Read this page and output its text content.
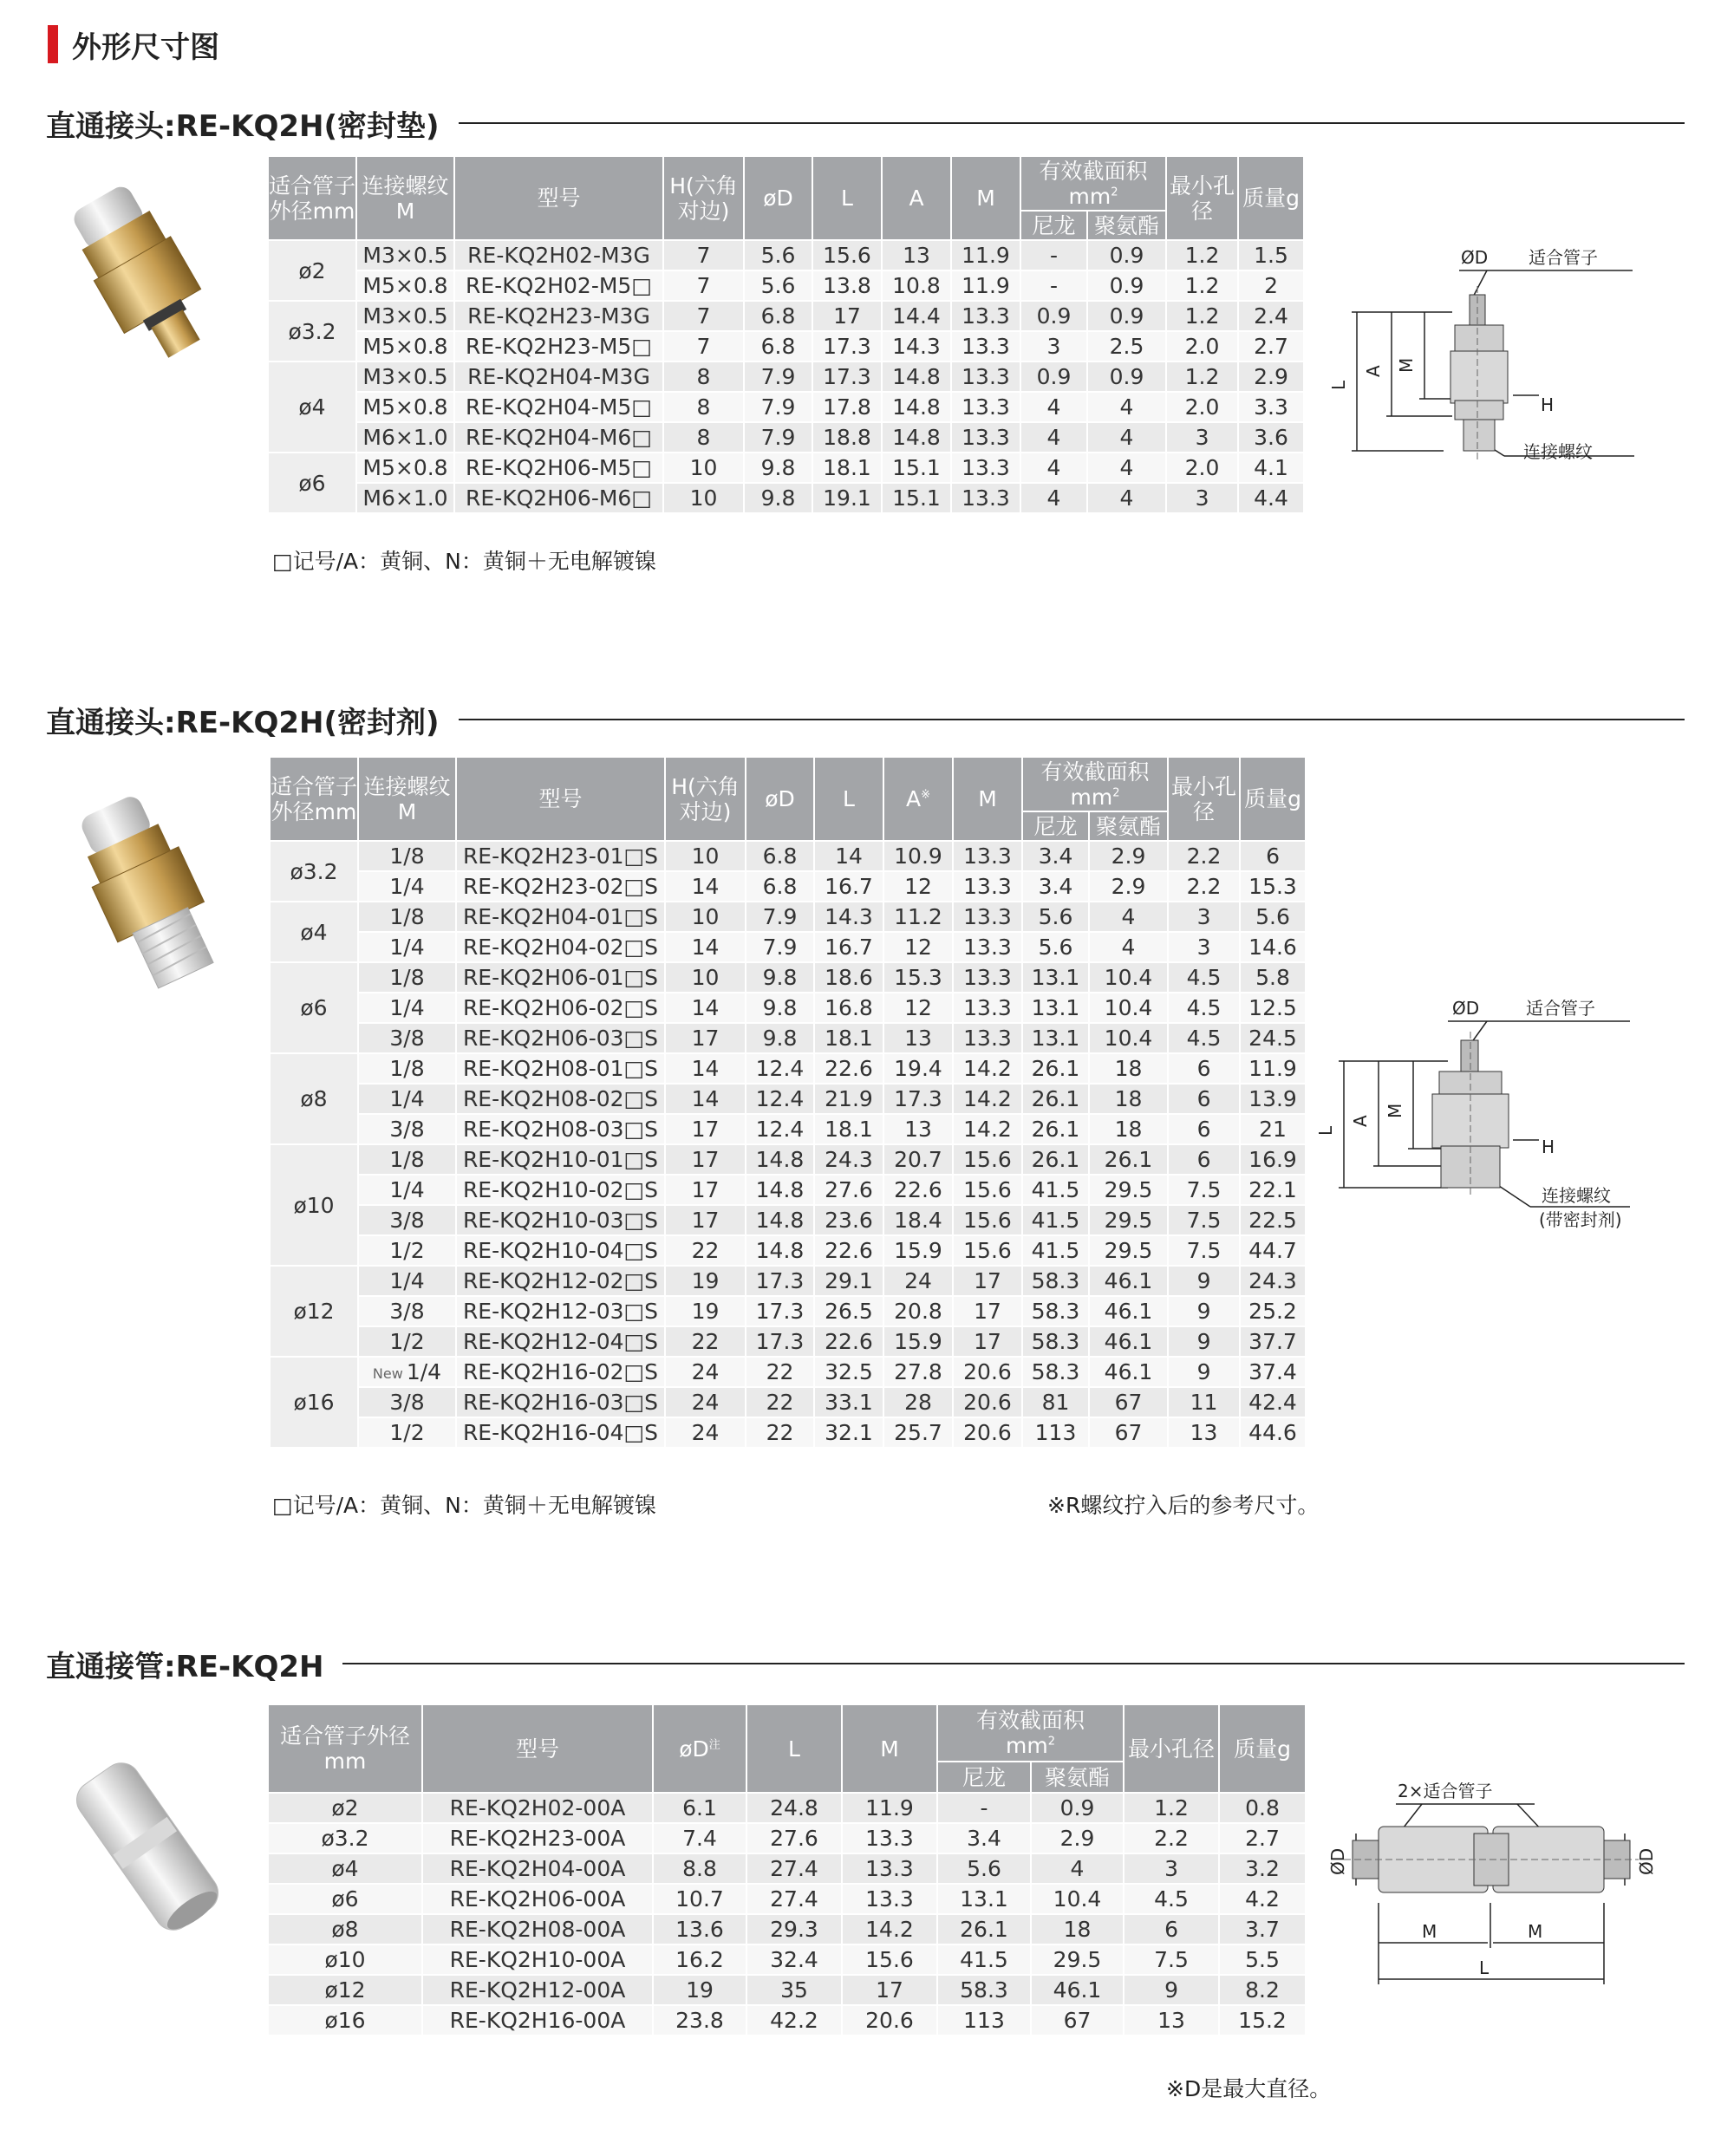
外形尺寸图
直通接头:RE-KQ2H(密封垫)
适合管子外径mm	连接螺纹M	型号	H(六角对边)	øD	L	A	M	有效截面积
$mm^2$		最小孔径	质量g
								尼龙	聚氨酯		
ø2	M3×0.5	RE-KQ2H02-M3G	7	5.6	15.6	13	11.9	-	0.9	1.2	1.5
	M5×0.8	RE-KQ2H02-M5□	7	5.6	13.8	10.8	11.9	-	0.9	1.2	2
ø3.2	M3×0.5	RE-KQ2H23-M3G	7	6.8	17	14.4	13.3	0.9	0.9	1.2	2.4
	M5×0.8	RE-KQ2H23-M5□	7	6.8	17.3	14.3	13.3	3	2.5	2.0	2.7
ø4	M3×0.5	RE-KQ2H04-M3G	8	7.9	17.3	14.8	13.3	0.9	0.9	1.2	2.9
	M5×0.8	RE-KQ2H04-M5□	8	7.9	17.8	14.8	13.3	4	4	2.0	3.3
	M6×1.0	RE-KQ2H04-M6□	8	7.9	18.8	14.8	13.3	4	4	3	3.6
ø6	M5×0.8	RE-KQ2H06-M5□	10	9.8	18.1	15.1	13.3	4	4	2.0	4.1
	M6×1.0	RE-KQ2H06-M6□	10	9.8	19.1	15.1	13.3	4	4	3	4.4
□记号/A：黄铜、N：黄铜＋无电解镀镍
ØD 适合管子
H
连接螺纹
L
A M
直通接头:RE-KQ2H(密封剂)
适合管子外径mm	连接螺纹M	型号	H(六角对边)	øD	L	A※	M	有效截面积
$mm^2$		最小孔径	质量g
								尼龙	聚氨酯		
ø3.2	1/8	RE-KQ2H23-01□S	10	6.8	14	10.9	13.3	3.4	2.9	2.2	6
	1/4	RE-KQ2H23-02□S	14	6.8	16.7	12	13.3	3.4	2.9	2.2	15.3
ø4	1/8	RE-KQ2H04-01□S	10	7.9	14.3	11.2	13.3	5.6	4	3	5.6
	1/4	RE-KQ2H04-02□S	14	7.9	16.7	12	13.3	5.6	4	3	14.6
ø6	1/8	RE-KQ2H06-01□S	10	9.8	18.6	15.3	13.3	13.1	10.4	4.5	5.8
	1/4	RE-KQ2H06-02□S	14	9.8	16.8	12	13.3	13.1	10.4	4.5	12.5
	3/8	RE-KQ2H06-03□S	17	9.8	18.1	13	13.3	13.1	10.4	4.5	24.5
ø8	1/8	RE-KQ2H08-01□S	14	12.4	22.6	19.4	14.2	26.1	18	6	11.9
	1/4	RE-KQ2H08-02□S	14	12.4	21.9	17.3	14.2	26.1	18	6	13.9
	3/8	RE-KQ2H08-03□S	17	12.4	18.1	13	14.2	26.1	18	6	21
ø10	1/8	RE-KQ2H10-01□S	17	14.8	24.3	20.7	15.6	26.1	26.1	6	16.9
	1/4	RE-KQ2H10-02□S	17	14.8	27.6	22.6	15.6	41.5	29.5	7.5	22.1
	3/8	RE-KQ2H10-03□S	17	14.8	23.6	18.4	15.6	41.5	29.5	7.5	22.5
	1/2	RE-KQ2H10-04□S	22	14.8	22.6	15.9	15.6	41.5	29.5	7.5	44.7
ø12	1/4	RE-KQ2H12-02□S	19	17.3	29.1	24	17	58.3	46.1	9	24.3
	3/8	RE-KQ2H12-03□S	19	17.3	26.5	20.8	17	58.3	46.1	9	25.2
	1/2	RE-KQ2H12-04□S	22	17.3	22.6	15.9	17	58.3	46.1	9	37.7
ø16	New 1/4	RE-KQ2H16-02□S	24	22	32.5	27.8	20.6	58.3	46.1	9	37.4
	3/8	RE-KQ2H16-03□S	24	22	33.1	28	20.6	81	67	11	42.4
	1/2	RE-KQ2H16-04□S	24	22	32.1	25.7	20.6	113	67	13	44.6
□记号/A：黄铜、N：黄铜＋无电解镀镍	※R螺纹拧入后的参考尺寸。
ØD	适合管子
H
连接螺纹
(带密封剂)
L
A
M
直通接管:RE-KQ2H
适合管子外径mm	型号	$øD^注$	L	M	有效截面积
$mm^2$		最小孔径	质量g
					尼龙	聚氨酯		
ø2	RE-KQ2H02-00A	6.1	24.8	11.9	-	0.9	1.2	0.8
ø3.2	RE-KQ2H23-00A	7.4	27.6	13.3	3.4	2.9	2.2	2.7
ø4	RE-KQ2H04-00A	8.8	27.4	13.3	5.6	4	3	3.2
ø6	RE-KQ2H06-00A	10.7	27.4	13.3	13.1	10.4	4.5	4.2
ø8	RE-KQ2H08-00A	13.6	29.3	14.2	26.1	18	6	3.7
ø10	RE-KQ2H10-00A	16.2	32.4	15.6	41.5	29.5	7.5	5.5
ø12	RE-KQ2H12-00A	19	35	17	58.3	46.1	9	8.2
ø16	RE-KQ2H16-00A	23.8	42.2	20.6	113	67	13	15.2
※D是最大直径。
2×适合管子
ØD	ØD
M	M
L
